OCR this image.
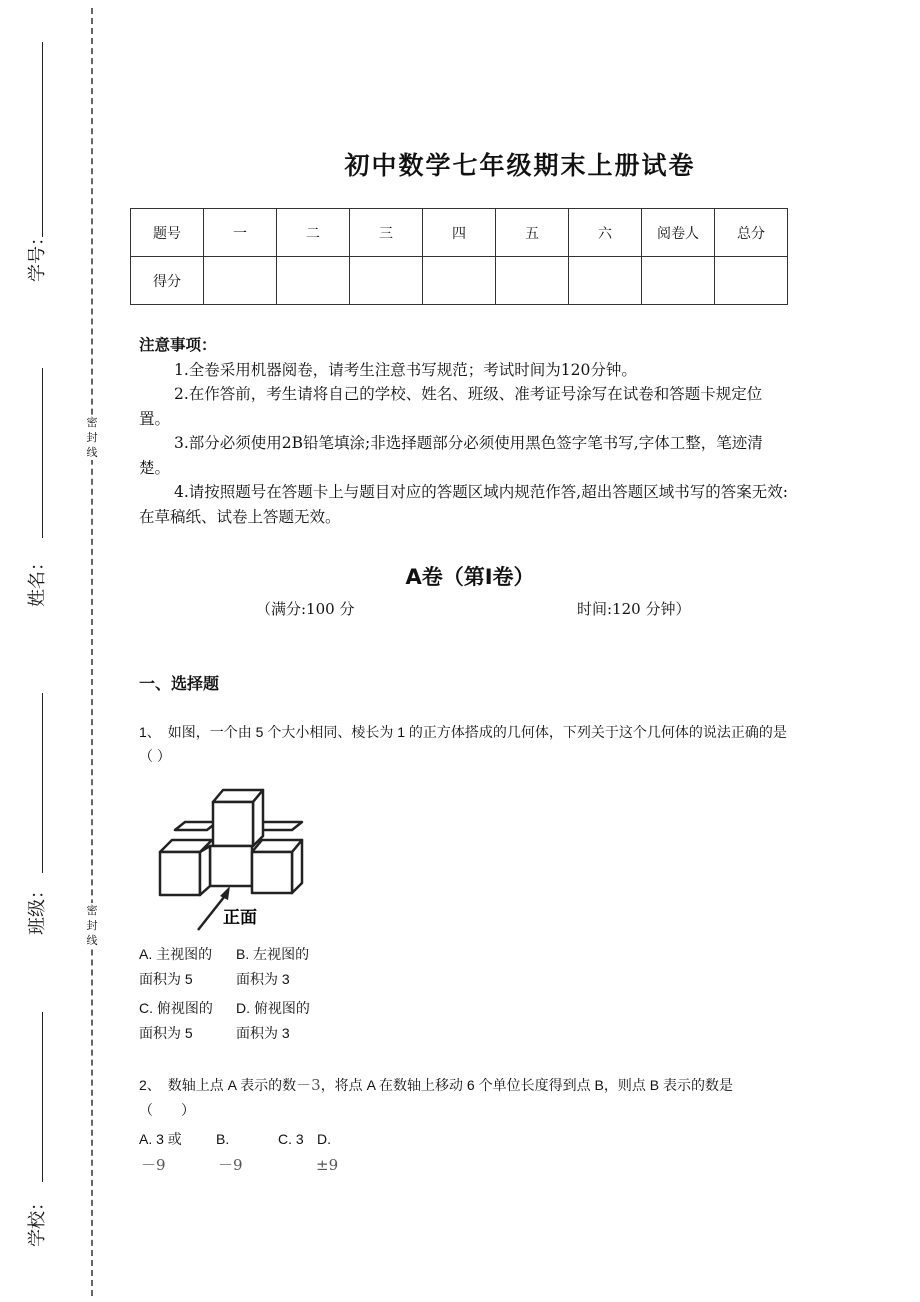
学号：
姓名：
班级：
学校：
密封线
密封线
初中数学七年级期末上册试卷
题号	一	二	三	四	五	六	阅卷人	总分
得分								

注意事项：

1.全卷采用机器阅卷，请考生注意书写规范；考试时间为120分钟。

2.在作答前，考生请将自己的学校、姓名、班级、准考证号涂写在试卷和答题卡规定位置。

3.部分必须使用2B铅笔填涂;非选择题部分必须使用黑色签字笔书写,字体工整，笔迹清楚。

4.请按照题号在答题卡上与题目对应的答题区域内规范作答,超出答题区域书写的答案无效:在草稿纸、试卷上答题无效。

A卷（第Ⅰ卷）
（满分:100 分	时间:120 分钟）
一、选择题
1、　如图，一个由 5 个大小相同、棱长为 1 的正方体搭成的几何体，下列关于这个几何体的说法正确的是（ ）
正面
A. 主视图的
面积为 5
B. 左视图的
面积为 3
C. 俯视图的
面积为 5
D. 俯视图的
面积为 3
2、　数轴上点 A 表示的数－3，将点 A 在数轴上移动 6 个单位长度得到点 B，则点 B 表示的数是
（　　）
A. 3 或
－9
B.
－9
C. 3 D.
±9
